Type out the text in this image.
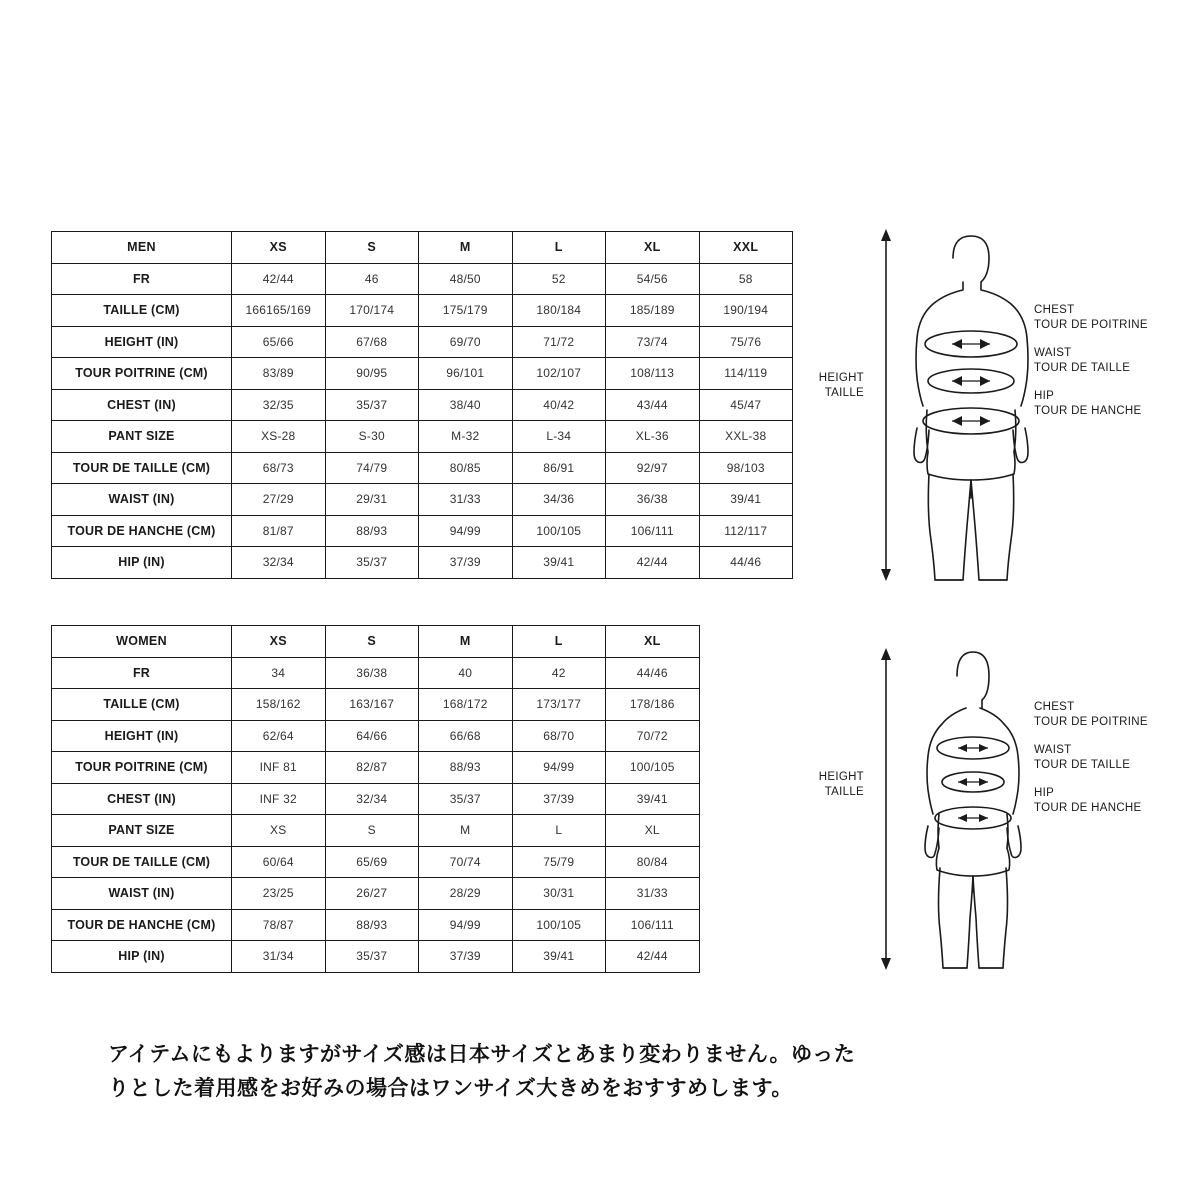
MEN	XS	S	M	L	XL	XXL
FR	42/44	46	48/50	52	54/56	58
TAILLE (CM)	166165/169	170/174	175/179	180/184	185/189	190/194
HEIGHT (IN)	65/66	67/68	69/70	71/72	73/74	75/76
TOUR POITRINE (CM)	83/89	90/95	96/101	102/107	108/113	114/119
CHEST (IN)	32/35	35/37	38/40	40/42	43/44	45/47
PANT SIZE	XS-28	S-30	M-32	L-34	XL-36	XXL-38
TOUR DE TAILLE (CM)	68/73	74/79	80/85	86/91	92/97	98/103
WAIST (IN)	27/29	29/31	31/33	34/36	36/38	39/41
TOUR DE HANCHE (CM)	81/87	88/93	94/99	100/105	106/111	112/117
HIP (IN)	32/34	35/37	37/39	39/41	42/44	44/46
WOMEN	XS	S	M	L	XL
FR	34	36/38	40	42	44/46
TAILLE (CM)	158/162	163/167	168/172	173/177	178/186
HEIGHT (IN)	62/64	64/66	66/68	68/70	70/72
TOUR POITRINE (CM)	INF 81	82/87	88/93	94/99	100/105
CHEST (IN)	INF 32	32/34	35/37	37/39	39/41
PANT SIZE	XS	S	M	L	XL
TOUR DE TAILLE (CM)	60/64	65/69	70/74	75/79	80/84
WAIST (IN)	23/25	26/27	28/29	30/31	31/33
TOUR DE HANCHE (CM)	78/87	88/93	94/99	100/105	106/111
HIP (IN)	31/34	35/37	37/39	39/41	42/44
HEIGHT
TAILLE
CHEST
TOUR DE POITRINE
WAIST
TOUR DE TAILLE
HIP
TOUR DE HANCHE
HEIGHT
TAILLE
CHEST
TOUR DE POITRINE
WAIST
TOUR DE TAILLE
HIP
TOUR DE HANCHE
アイテムにもよりますがサイズ感は日本サイズとあまり変わりません。ゆった
りとした着用感をお好みの場合はワンサイズ大きめをおすすめします。
